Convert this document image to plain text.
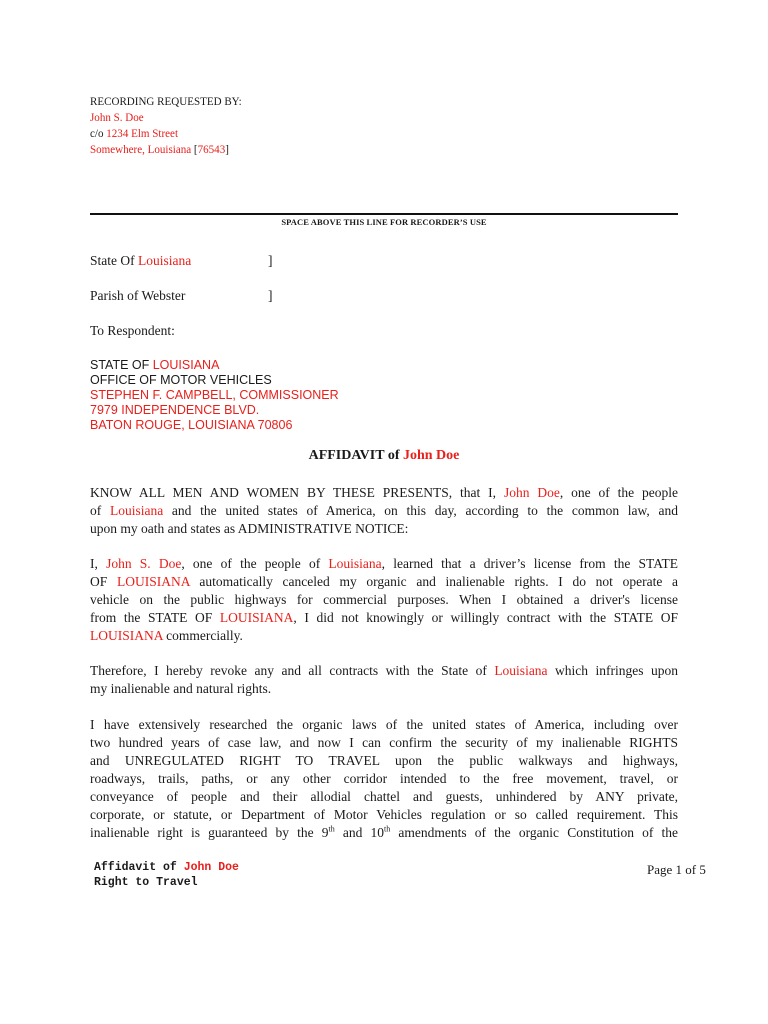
RECORDING REQUESTED BY:
John S. Doe
c/o 1234 Elm Street
Somewhere, Louisiana [76543]
SPACE ABOVE THIS LINE FOR RECORDER’S USE
State Of Louisiana	]
Parish of Webster	]
To Respondent:
STATE OF LOUISIANA
OFFICE OF MOTOR VEHICLES
STEPHEN F. CAMPBELL, COMMISSIONER
7979 INDEPENDENCE BLVD.
BATON ROUGE, LOUISIANA 70806
AFFIDAVIT of John Doe
KNOW ALL MEN AND WOMEN BY THESE PRESENTS, that I, John Doe, one of the people
of Louisiana and the united states of America, on this day, according to the common law, and
upon my oath and states as ADMINISTRATIVE NOTICE:
I, John S. Doe, one of the people of Louisiana, learned that a driver’s license from the STATE
OF LOUISIANA automatically canceled my organic and inalienable rights. I do not operate a
vehicle on the public highways for commercial purposes. When I obtained a driver's license
from the STATE OF LOUISIANA, I did not knowingly or willingly contract with the STATE OF
LOUISIANA commercially.
Therefore, I hereby revoke any and all contracts with the State of Louisiana which infringes upon
my inalienable and natural rights.
I have extensively researched the organic laws of the united states of America, including over
two hundred years of case law, and now I can confirm the security of my inalienable RIGHTS
and UNREGULATED RIGHT TO TRAVEL upon the public walkways and highways,
roadways, trails, paths, or any other corridor intended to the free movement, travel, or
conveyance of people and their allodial chattel and guests, unhindered by ANY private,
corporate, or statute, or Department of Motor Vehicles regulation or so called requirement. This
inalienable right is guaranteed by the 9th and 10th amendments of the organic Constitution of the
Affidavit of John Doe
Right to Travel
Page 1 of 5
